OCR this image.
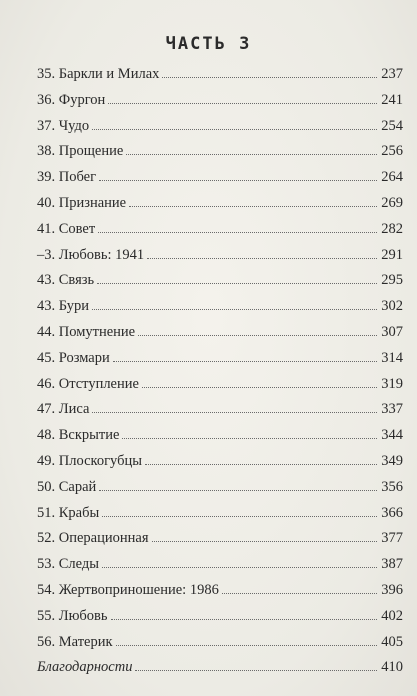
ЧАСТЬ 3
35. Баркли и Милах	237
36. Фургон	241
37. Чудо	254
38. Прощение	256
39. Побег	264
40. Признание	269
41. Совет	282
–3. Любовь: 1941	291
43. Связь	295
43. Бури	302
44. Помутнение	307
45. Розмари	314
46. Отступление	319
47. Лиса	337
48. Вскрытие	344
49. Плоскогубцы	349
50. Сарай	356
51. Крабы	366
52. Операционная	377
53. Следы	387
54. Жертвоприношение: 1986	396
55. Любовь	402
56. Материк	405
Благодарности	410
